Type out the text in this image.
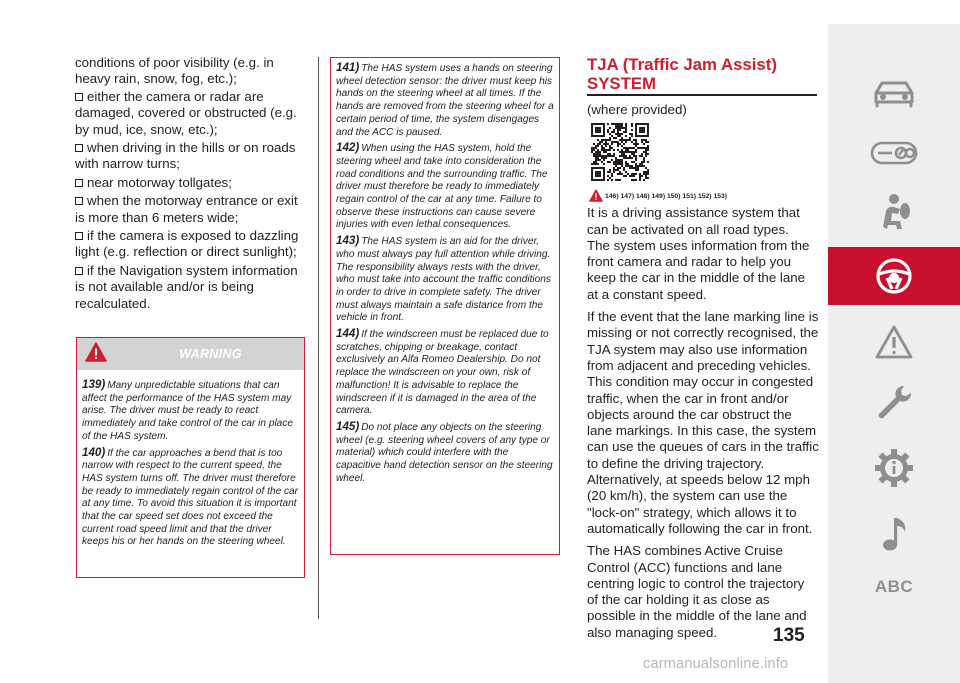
conditions of poor visibility (e.g. in heavy rain, snow, fog, etc.);

either the camera or radar are damaged, covered or obstructed (e.g. by mud, ice, snow, etc.);

when driving in the hills or on roads with narrow turns;

near motorway tollgates;

when the motorway entrance or exit is more than 6 meters wide;

if the camera is exposed to dazzling light (e.g. reflection or direct sunlight);

if the Navigation system information is not available and/or is being recalculated.

WARNING

139) Many unpredictable situations that can affect the performance of the HAS system may arise. The driver must be ready to react immediately and take control of the car in place of the HAS system.

140) If the car approaches a bend that is too narrow with respect to the current speed, the HAS system turns off. The driver must therefore be ready to immediately regain control of the car at any time. To avoid this situation it is important that the car speed set does not exceed the current road speed limit and that the driver keeps his or her hands on the steering wheel.

141) The HAS system uses a hands on steering wheel detection sensor: the driver must keep his hands on the steering wheel at all times. If the hands are removed from the steering wheel for a certain period of time, the system disengages and the ACC is paused.

142) When using the HAS system, hold the steering wheel and take into consideration the road conditions and the surrounding traffic. The driver must therefore be ready to immediately regain control of the car at any time. Failure to observe these instructions can cause severe injuries with even lethal consequences.

143) The HAS system is an aid for the driver, who must always pay full attention while driving. The responsibility always rests with the driver, who must take into account the traffic conditions in order to drive in complete safety. The driver must always maintain a safe distance from the vehicle in front.

144) If the windscreen must be replaced due to scratches, chipping or breakage, contact exclusively an Alfa Romeo Dealership. Do not replace the windscreen on your own, risk of malfunction! It is advisable to replace the windscreen if it is damaged in the area of the camera.

145) Do not place any objects on the steering wheel (e.g. steering wheel covers of any type or material) which could interfere with the capacitive hand detection sensor on the steering wheel.

TJA (Traffic Jam Assist)
SYSTEM

(where provided)

146) 147) 148) 149) 150) 151) 152) 153)

It is a driving assistance system that can be activated on all road types.

The system uses information from the front camera and radar to help you keep the car in the middle of the lane at a constant speed.

If the event that the lane marking line is missing or not correctly recognised, the TJA system may also use information from adjacent and preceding vehicles. This condition may occur in congested traffic, when the car in front and/or objects around the car obstruct the lane markings. In this case, the system can use the queues of cars in the traffic to define the driving trajectory. Alternatively, at speeds below 12 mph (20 km/h), the system can use the "lock-on" strategy, which allows it to automatically following the car in front.

The HAS combines Active Cruise Control (ACC) functions and lane centring logic to control the trajectory of the car holding it as close as possible in the middle of the lane and also managing speed.

ABC
135
carmanualsonline.info
